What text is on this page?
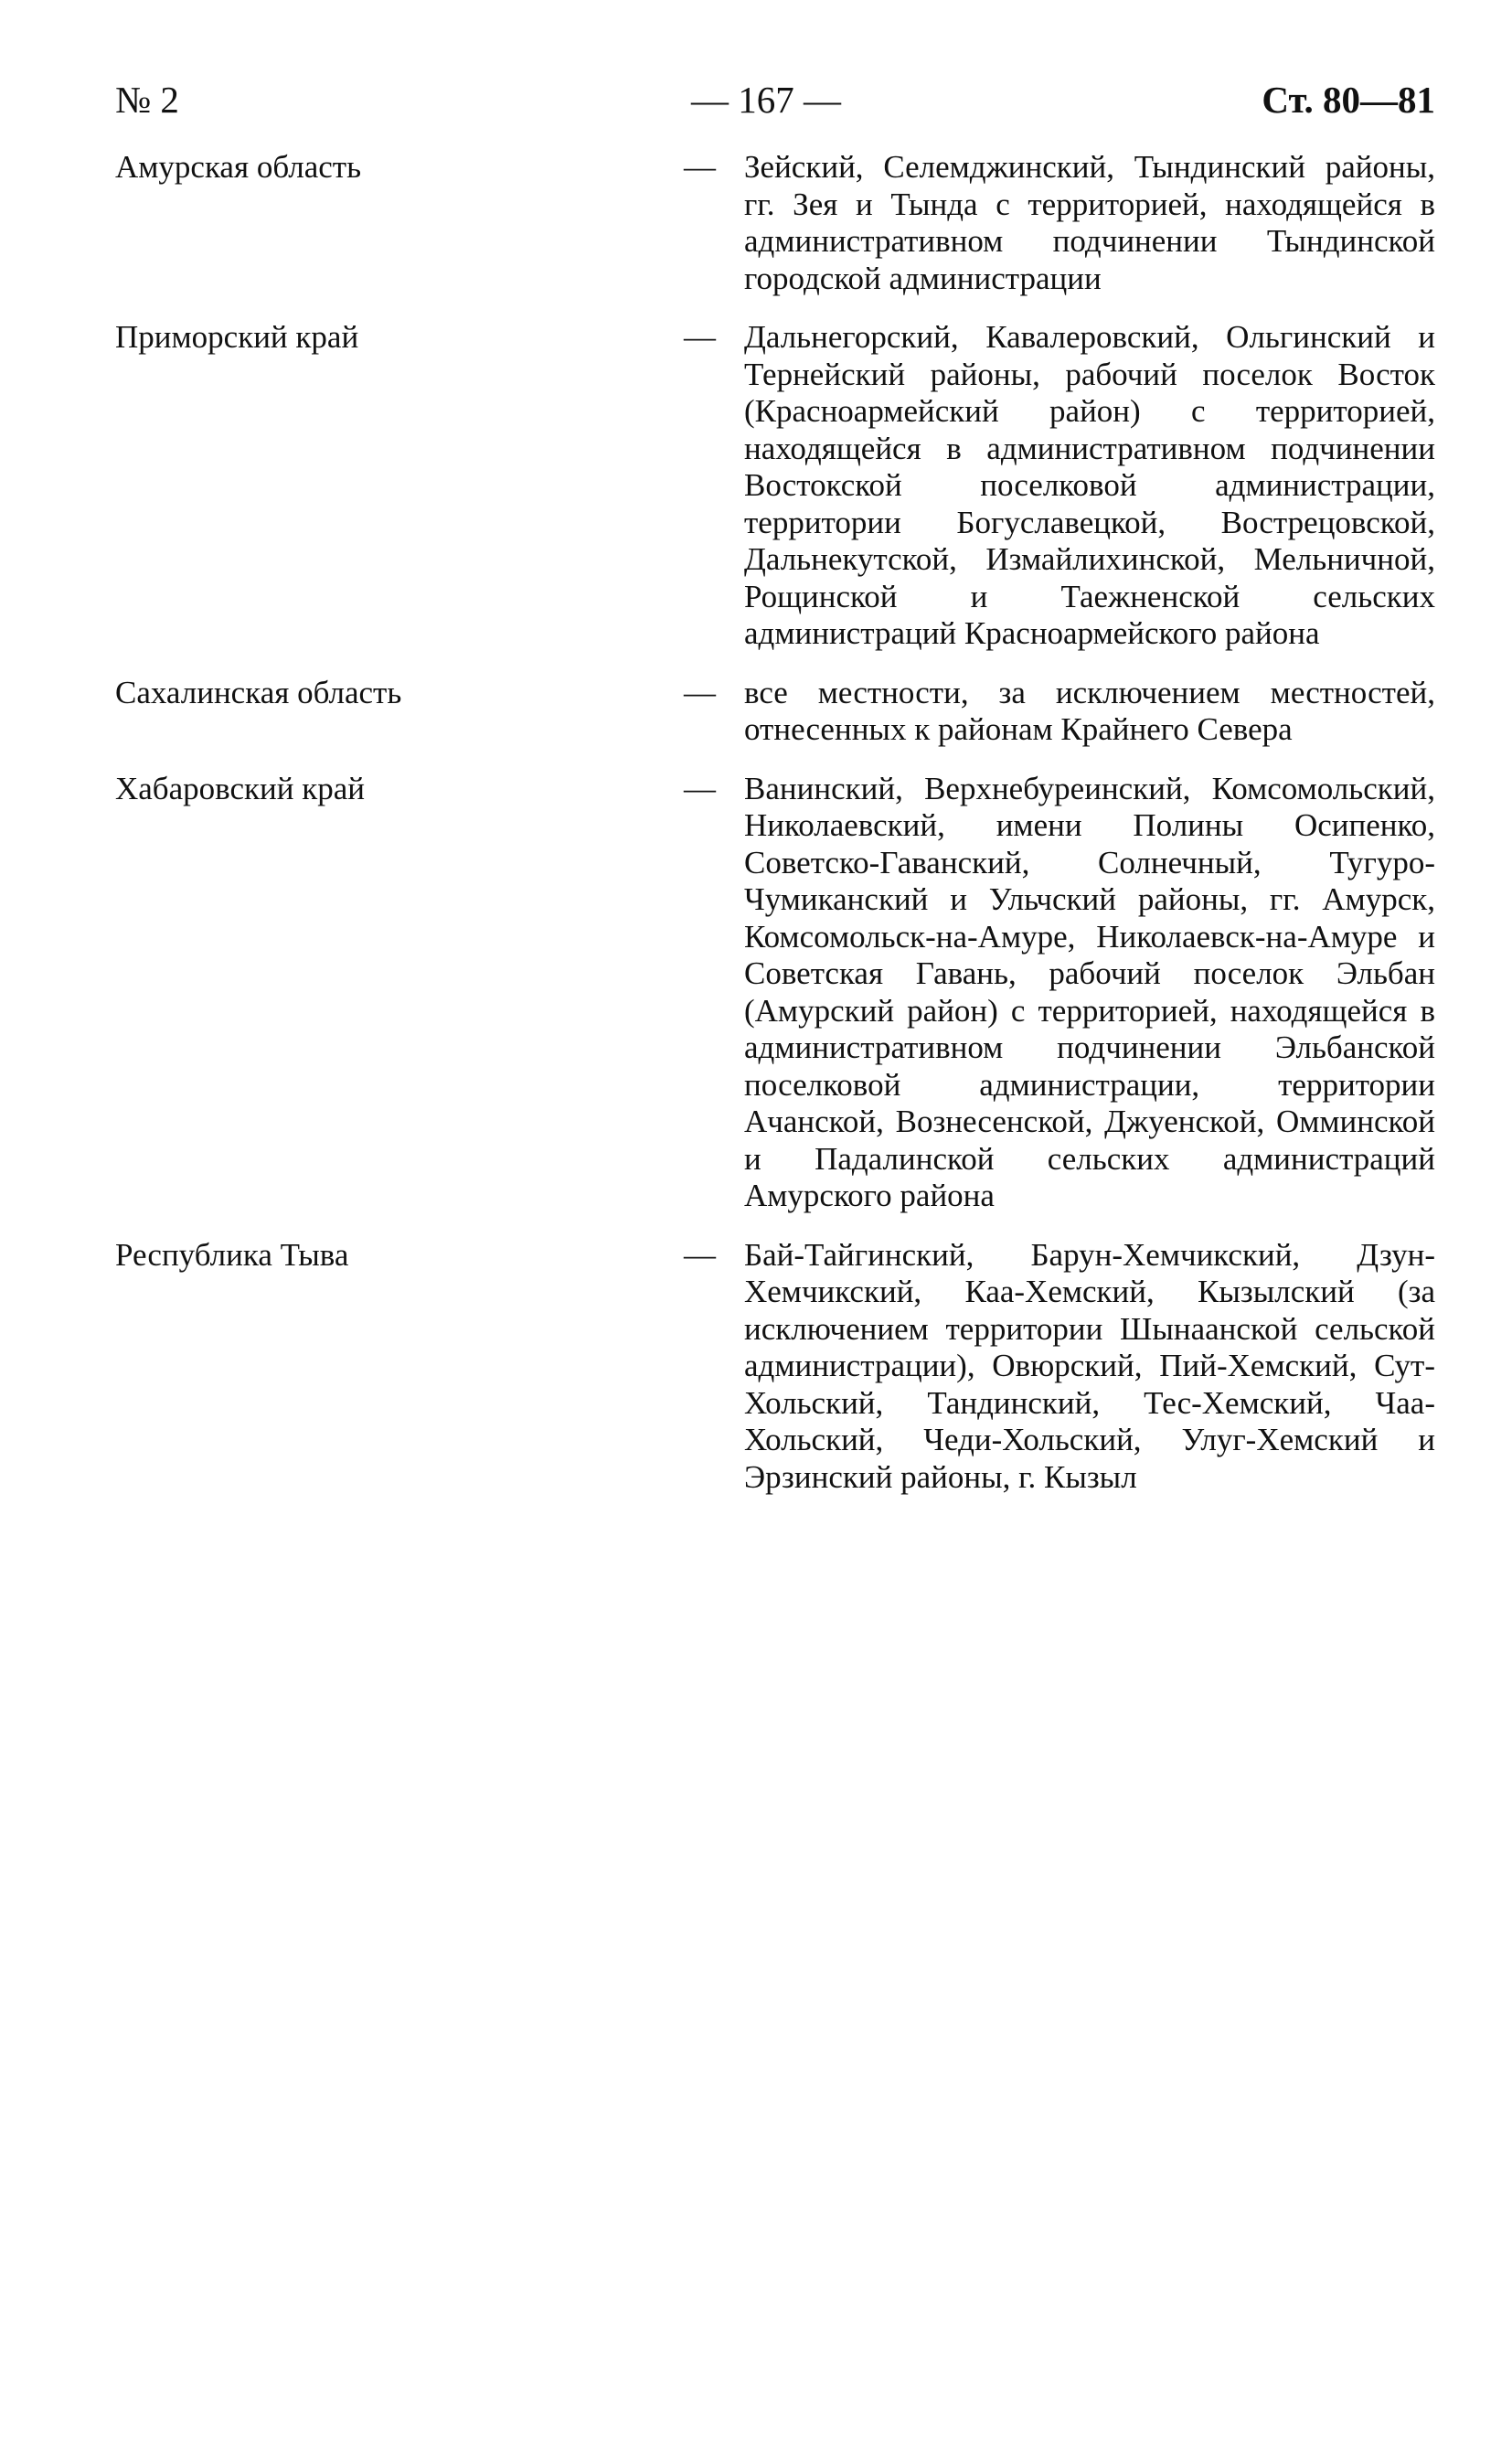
№ 2	— 167 —	Ст. 80—81
Амурская область	— Зейский, Селемджинский, Тындинский районы, гг. Зея и Тында с территорией, находящейся в административном подчинении Тындинской городской администрации
Приморский край	— Дальнегорский, Кавалеровский, Ольгинский и Тернейский районы, рабочий поселок Восток (Красноармейский район) с территорией, находящейся в административном подчинении Востокской поселковой администрации, территории Богуславецкой, Вострецовской, Дальнекутской, Измайлихинской, Мельничной, Рощинской и Таежненской сельских администраций Красноармейского района
Сахалинская область	— все местности, за исключением местностей, отнесенных к районам Крайнего Севера
Хабаровский край	— Ванинский, Верхнебуреинский, Комсомольский, Николаевский, имени Полины Осипенко, Советско-Гаванский, Солнечный, Тугуро-Чумиканский и Ульчский районы, гг. Амурск, Комсомольск-на-Амуре, Николаевск-на-Амуре и Советская Гавань, рабочий поселок Эльбан (Амурский район) с территорией, находящейся в административном подчинении Эльбанской поселковой администрации, территории Ачанской, Вознесенской, Джуенской, Омминской и Падалинской сельских администраций Амурского района
Республика Тыва	— Бай-Тайгинский, Барун-Хемчикский, Дзун-Хемчикский, Каа-Хемский, Кызылский (за исключением территории Шынаанской сельской администрации), Овюрский, Пий-Хемский, Сут-Хольский, Тандинский, Тес-Хемский, Чаа-Хольский, Чеди-Хольский, Улуг-Хемский и Эрзинский районы, г. Кызыл
